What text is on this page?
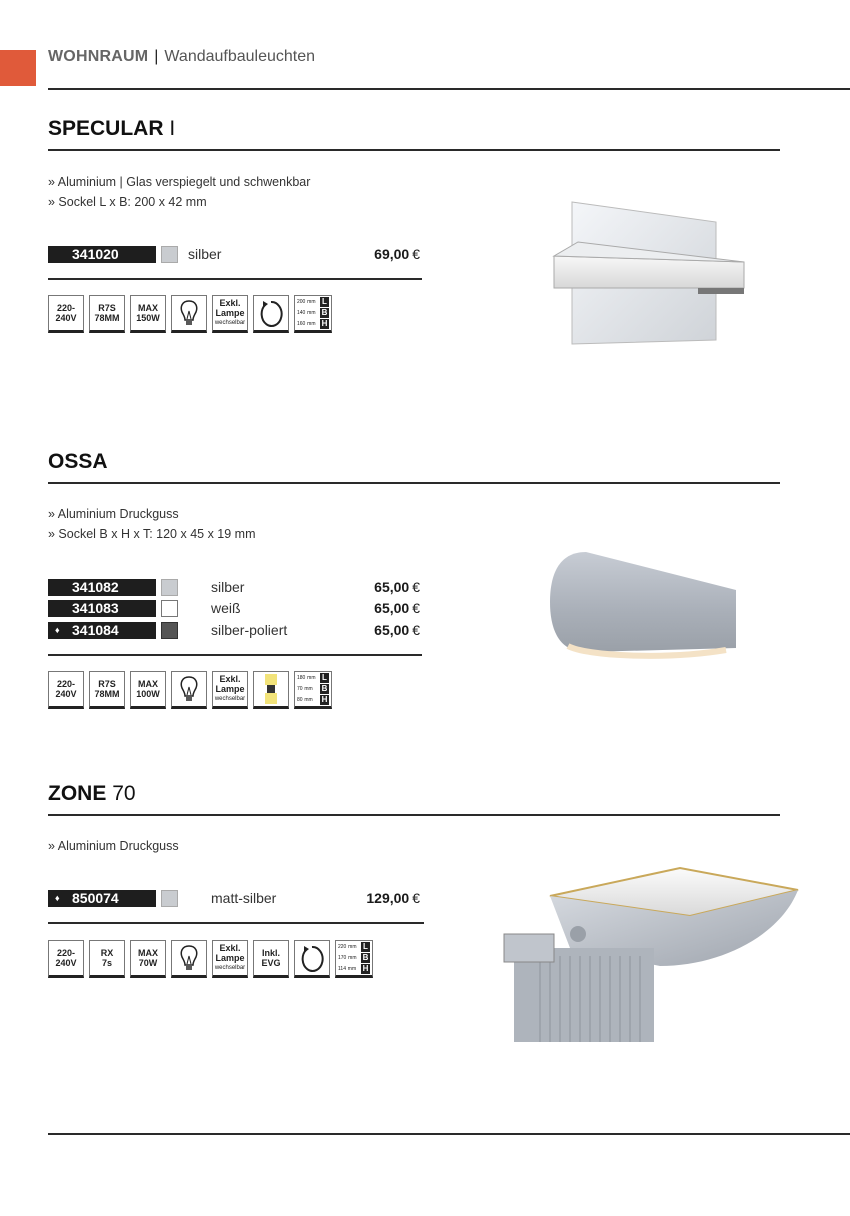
WOHNRAUM | Wandaufbauleuchten
SPECULAR I
» Aluminium | Glas verspiegelt und schwenkbar
» Sockel L x B: 200 x 42 mm
341020	silber	69,00 €
220-
240V
R7S
78MM
MAX
150W
Exkl.
Lampe
wechselbar
200 mm L
140 mm B
160 mm H
OSSA
» Aluminium Druckguss
» Sockel B x H x T: 120 x 45 x 19 mm
341082	silber	65,00 €
341083	weiß	65,00 €
♦ 341084	silber-poliert	65,00 €
220-
240V
R7S
78MM
MAX
100W
Exkl.
Lampe
wechselbar
180 mm L
70 mm B
80 mm H
ZONE 70
» Aluminium Druckguss
♦ 850074	matt-silber	129,00 €
220-
240V
RX
7s
MAX
70W
Exkl.
Lampe
wechselbar
Inkl.
EVG
220 mm L
170 mm B
114 mm H
